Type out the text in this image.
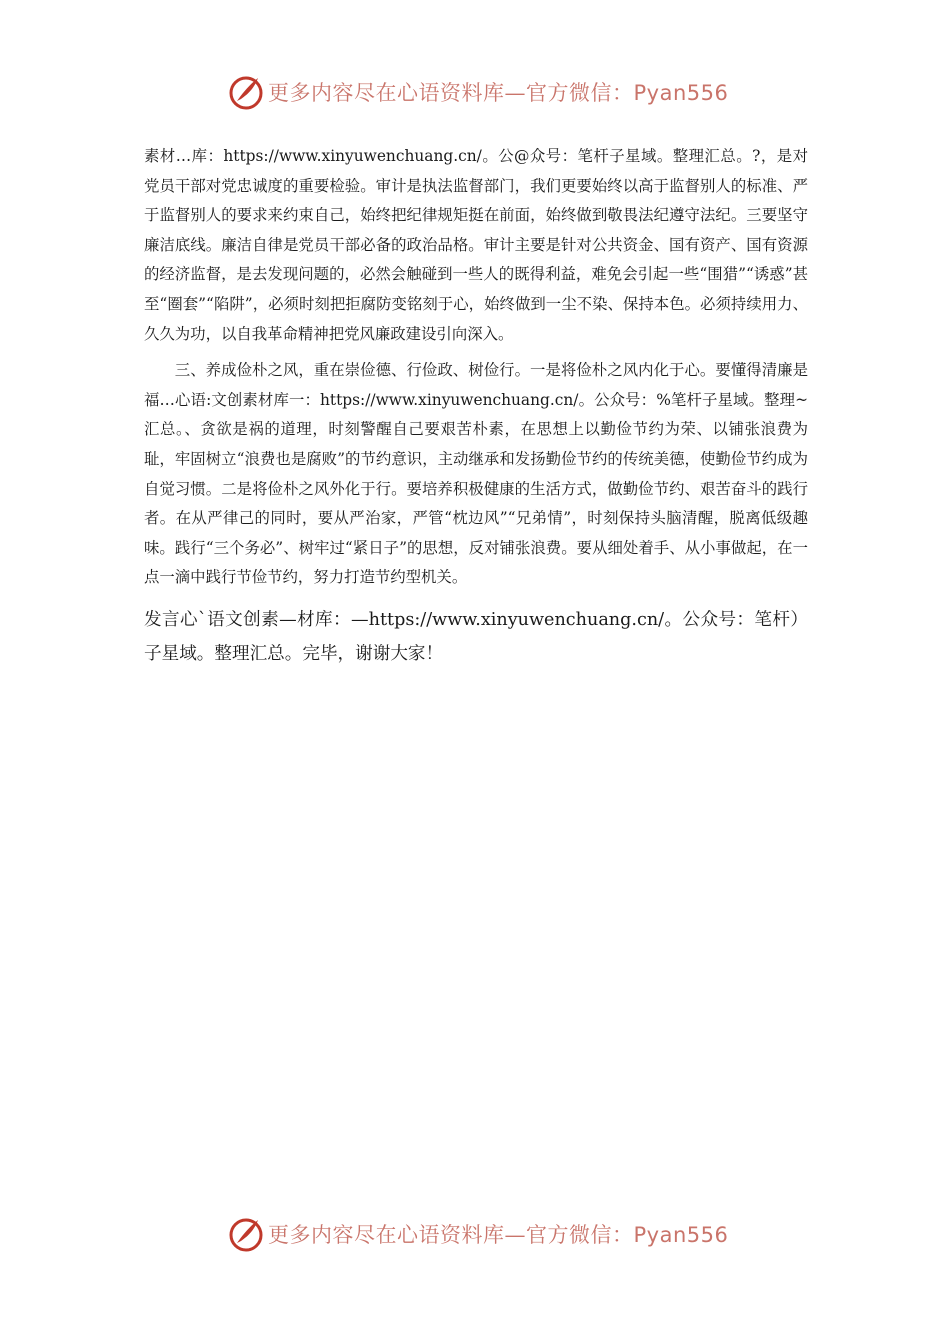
更多内容尽在心语资料库—官方微信：Pyan556

素材…库：https://www.xinyuwenchuang.cn/。公@众号：笔杆子星域。整理汇总。?，是对党员干部对党忠诚度的重要检验。审计是执法监督部门，我们更要始终以高于监督别人的标准、严于监督别人的要求来约束自己，始终把纪律规矩挺在前面，始终做到敬畏法纪遵守法纪。三要坚守廉洁底线。廉洁自律是党员干部必备的政治品格。审计主要是针对公共资金、国有资产、国有资源的经济监督，是去发现问题的，必然会触碰到一些人的既得利益，难免会引起一些“围猎”“诱惑”甚至“圈套”“陷阱”，必须时刻把拒腐防变铭刻于心，始终做到一尘不染、保持本色。必须持续用力、久久为功，以自我革命精神把党风廉政建设引向深入。

三、养成俭朴之风，重在崇俭德、行俭政、树俭行。一是将俭朴之风内化于心。要懂得清廉是福…心语:文创素材库一：https://www.xinyuwenchuang.cn/。公众号：%笔杆子星域。整理~汇总。、贪欲是祸的道理，时刻警醒自己要艰苦朴素，在思想上以勤俭节约为荣、以铺张浪费为耻，牢固树立“浪费也是腐败”的节约意识，主动继承和发扬勤俭节约的传统美德，使勤俭节约成为自觉习惯。二是将俭朴之风外化于行。要培养积极健康的生活方式，做勤俭节约、艰苦奋斗的践行者。在从严律己的同时，要从严治家，严管“枕边风”“兄弟情”，时刻保持头脑清醒，脱离低级趣味。践行“三个务必”、树牢过“紧日子”的思想，反对铺张浪费。要从细处着手、从小事做起，在一点一滴中践行节俭节约，努力打造节约型机关。

发言心`语文创素—材库：—https://www.xinyuwenchuang.cn/。公众号：笔杆）子星域。整理汇总。完毕，谢谢大家！

更多内容尽在心语资料库—官方微信：Pyan556
